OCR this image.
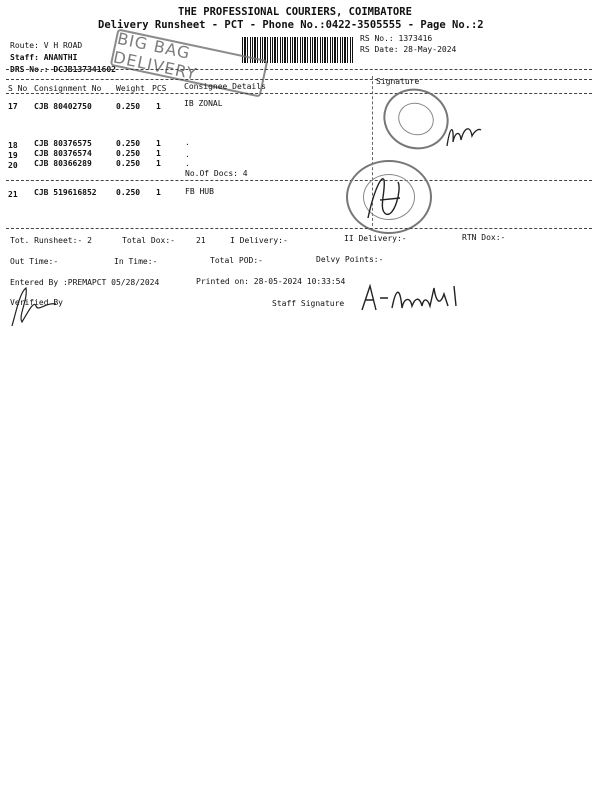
THE PROFESSIONAL COURIERS, COIMBATORE
Delivery Runsheet - PCT - Phone No.:0422-3505555 - Page No.:2
Route: V H ROAD
Staff: ANANTHI
DRS No.: DCJB137341602
RS No.: 1373416
RS Date: 28-May-2024
BIG BAG DELIVERY
S No Consignment No Weight PCS Consignee Details
Signature
17 CJB 80402750	0.250 1	IB ZONAL
18 CJB 80376575	0.250 1	.
19 CJB 80376574	0.250 1	.
20 CJB 80366289	0.250 1	.
No.Of Docs: 4
21 CJB 519616852 0.250 1	FB HUB
Tot. Runsheet:- 2	Total Dox:-	21	I Delivery:-	II Delivery:-	RTN Dox:-
Out Time:-	In Time:-	Total POD:-	Delvy Points:-
Entered By :PREMAPCT 05/28/2024	Printed on: 28-05-2024 10:33:54
Verified By	Staff Signature
